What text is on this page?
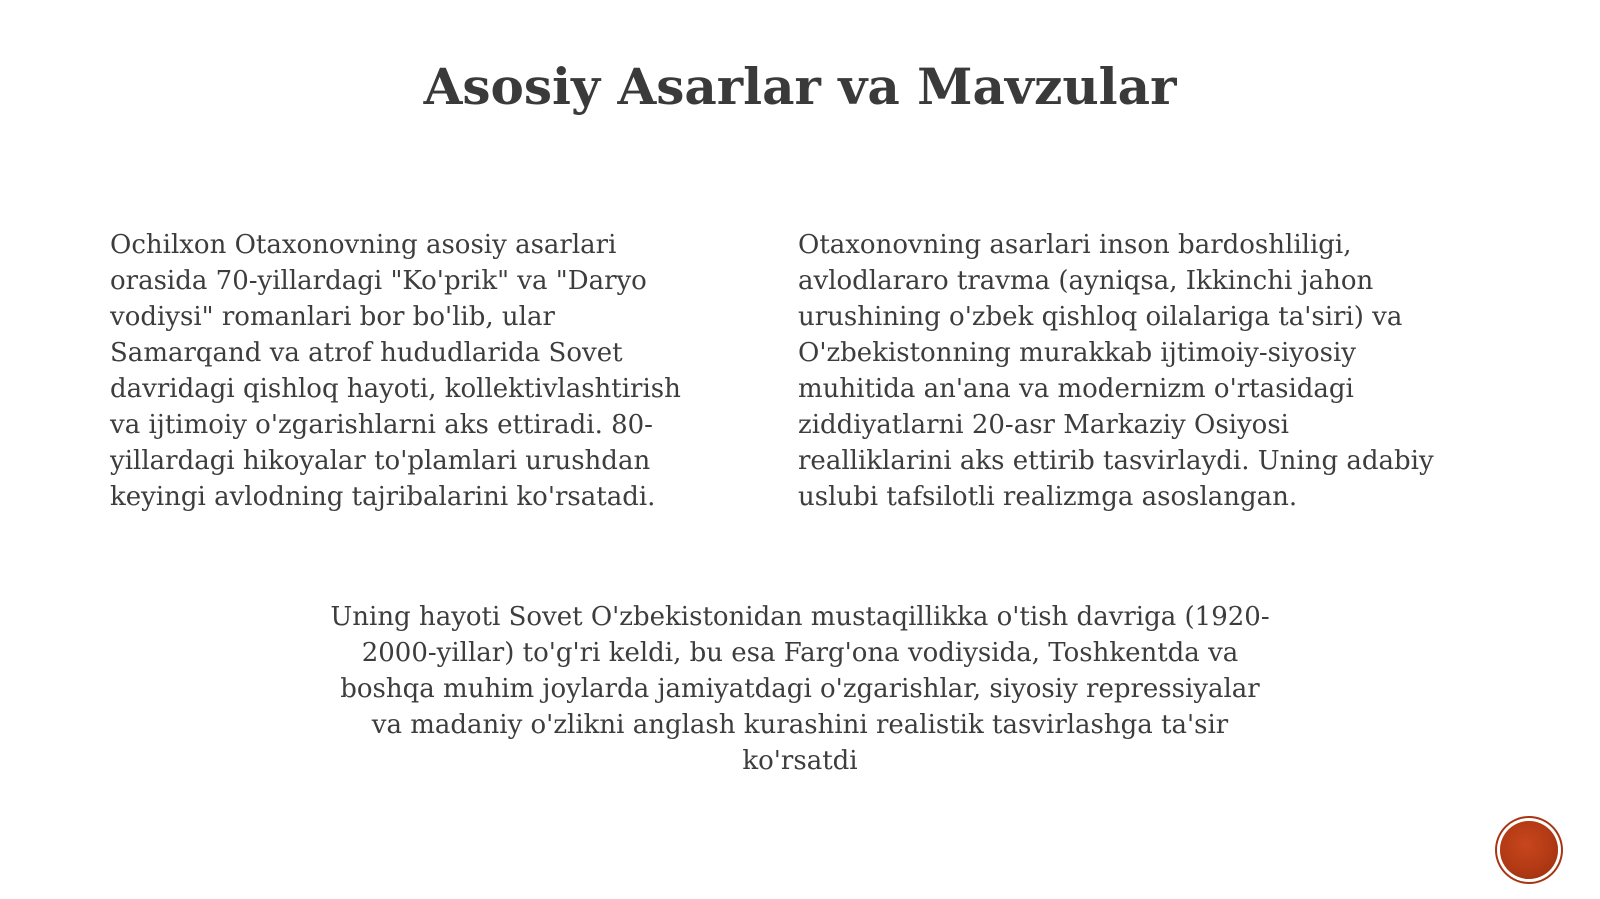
Asosiy Asarlar va Mavzular

Ochilxon Otaxonovning asosiy asarlari
orasida 70-yillardagi "Ko'prik" va "Daryo
vodiysi" romanlari bor bo'lib, ular
Samarqand va atrof hududlarida Sovet
davridagi qishloq hayoti, kollektivlashtirish
va ijtimoiy o'zgarishlarni aks ettiradi. 80-
yillardagi hikoyalar to'plamlari urushdan
keyingi avlodning tajribalarini ko'rsatadi.

Otaxonovning asarlari inson bardoshliligi,
avlodlararo travma (ayniqsa, Ikkinchi jahon
urushining o'zbek qishloq oilalariga ta'siri) va
O'zbekistonning murakkab ijtimoiy-siyosiy
muhitida an'ana va modernizm o'rtasidagi
ziddiyatlarni 20-asr Markaziy Osiyosi
realliklarini aks ettirib tasvirlaydi. Uning adabiy
uslubi tafsilotli realizmga asoslangan.

Uning hayoti Sovet O'zbekistonidan mustaqillikka o'tish davriga (1920-
2000-yillar) to'g'ri keldi, bu esa Farg'ona vodiysida, Toshkentda va
boshqa muhim joylarda jamiyatdagi o'zgarishlar, siyosiy repressiyalar
va madaniy o'zlikni anglash kurashini realistik tasvirlashga ta'sir
ko'rsatdi
